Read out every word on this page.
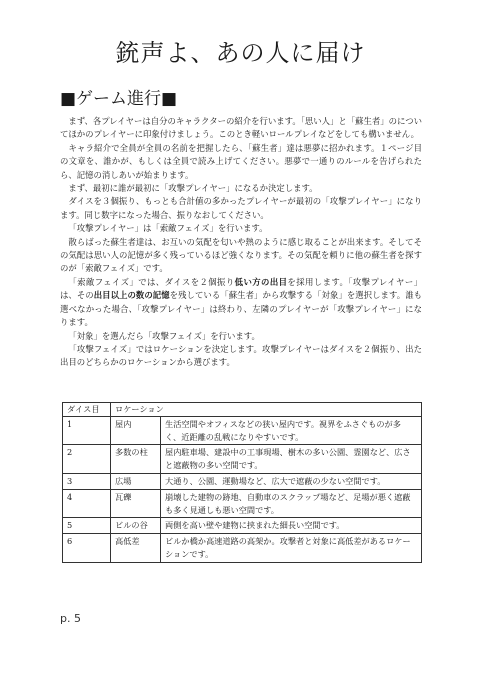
銃声よ、あの人に届け
■ゲーム進行■

まず、各プレイヤーは自分のキャラクターの紹介を行います。「思い人」と「蘇生者」のについてほかのプレイヤーに印象付けましょう。このとき軽いロールプレイなどをしても構いません。

キャラ紹介で全員が全員の名前を把握したら、「蘇生者」達は悪夢に招かれます。１ページ目の文章を、誰かが、もしくは全員で読み上げてください。悪夢で一通りのルールを告げられたら、記憶の消しあいが始まります。

まず、最初に誰が最初に「攻撃プレイヤー」になるか決定します。

ダイスを３個振り、もっとも合計値の多かったプレイヤーが最初の「攻撃プレイヤー」になります。同じ数字になった場合、振りなおしてください。

「攻撃プレイヤー」は「索敵フェイズ」を行います。

散らばった蘇生者達は、お互いの気配を匂いや熱のように感じ取ることが出来ます。そしてその気配は思い人の記憶が多く残っているほど強くなります。その気配を頼りに他の蘇生者を探すのが「索敵フェイズ」です。

「索敵フェイズ」では、ダイスを２個振り低い方の出目を採用します。「攻撃プレイヤー」は、その出目以上の数の記憶を残している「蘇生者」から攻撃する「対象」を選択します。誰も選べなかった場合、「攻撃プレイヤー」は終わり、左隣のプレイヤーが「攻撃プレイヤー」になります。

「対象」を選んだら「攻撃フェイズ」を行います。

「攻撃フェイズ」ではロケーションを決定します。攻撃プレイヤーはダイスを２個振り、出た出目のどちらかのロケーションから選びます。

ダイス目	ロケーション	
1	屋内	生活空間やオフィスなどの狭い屋内です。視界をふさぐものが多く、近距離の乱戦になりやすいです。
2	多数の柱	屋内駐車場、建設中の工事現場、樹木の多い公園、霊園など、広さと遮蔽物の多い空間です。
3	広場	大通り、公園、運動場など、広大で遮蔽の少ない空間です。
4	瓦礫	崩壊した建物の跡地、自動車のスクラップ場など、足場が悪く遮蔽も多く見通しも悪い空間です。
5	ビルの谷	両側を高い壁や建物に挟まれた細長い空間です。
6	高低差	ビルか橋か高速道路の高架か。攻撃者と対象に高低差があるロケーションです。
p. 5
